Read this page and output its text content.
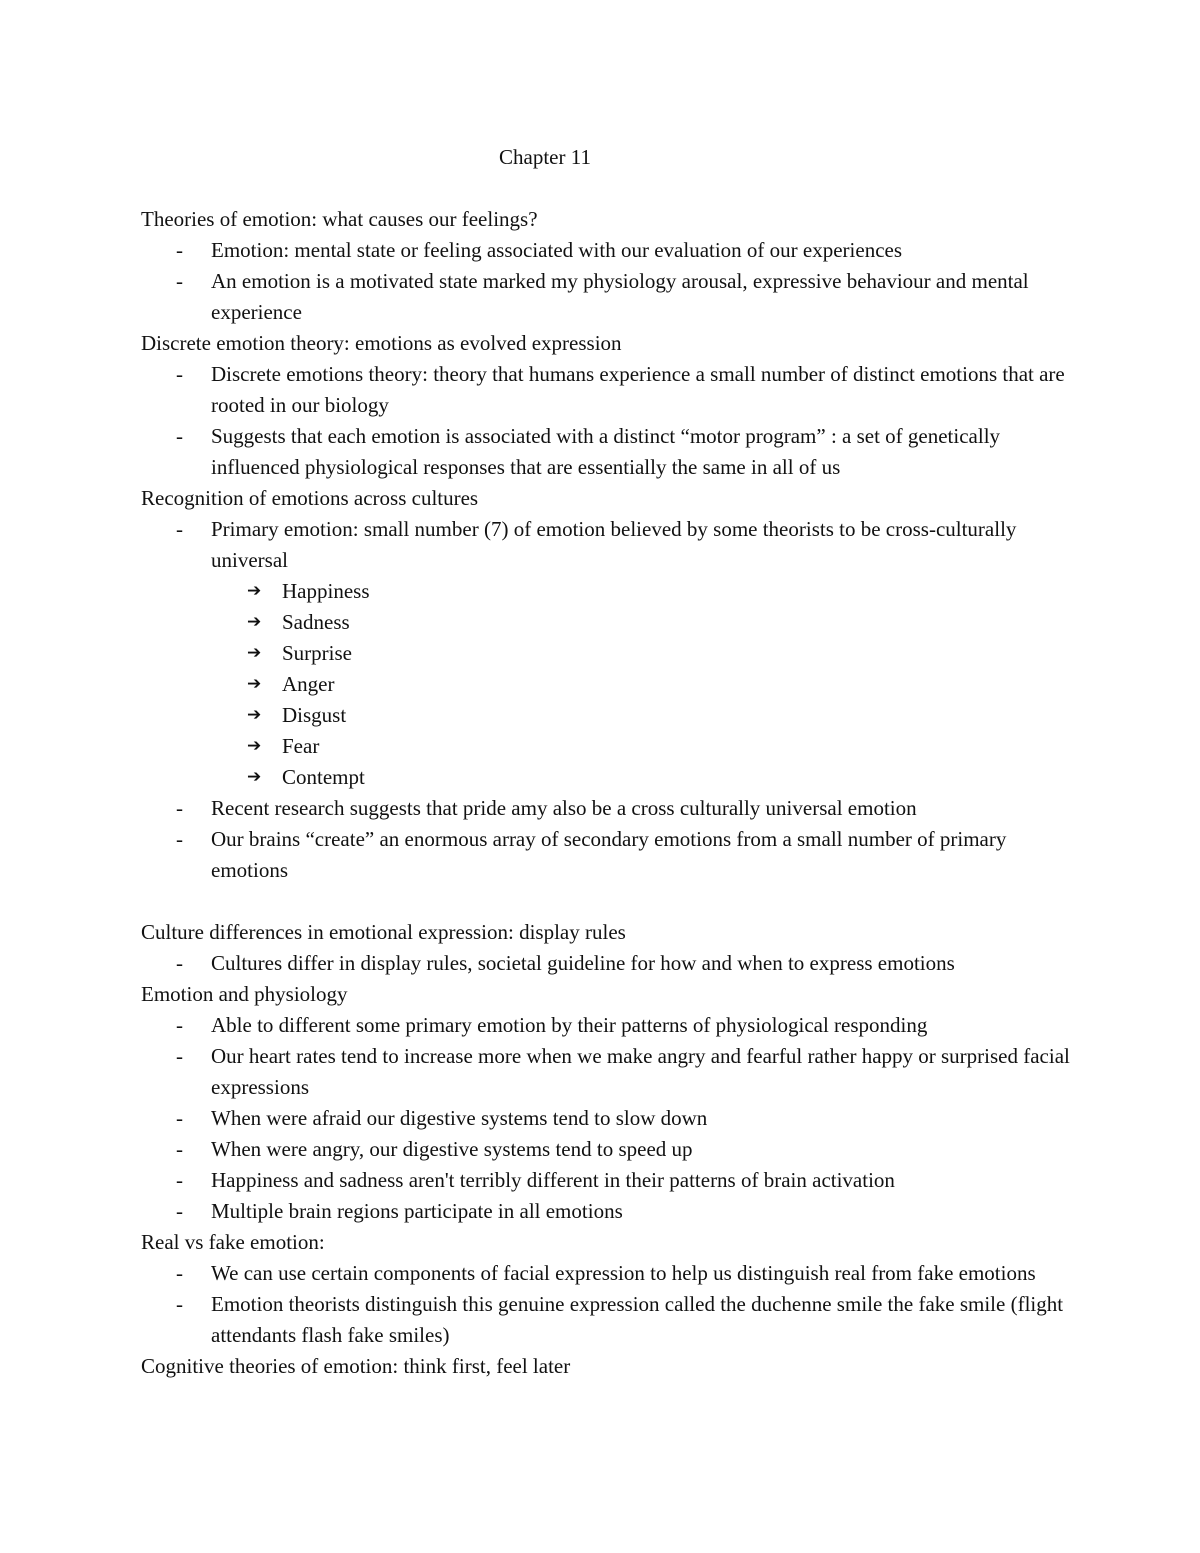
Chapter 11
Theories of emotion: what causes our feelings?
- Emotion: mental state or feeling associated with our evaluation of our experiences
- An emotion is a motivated state marked my physiology arousal, expressive behaviour and mental experience
Discrete emotion theory: emotions as evolved expression
- Discrete emotions theory: theory that humans experience a small number of distinct emotions that are rooted in our biology
- Suggests that each emotion is associated with a distinct “motor program” : a set of genetically influenced physiological responses that are essentially the same in all of us
Recognition of emotions across cultures
- Primary emotion: small number (7) of emotion believed by some theorists to be cross-culturally universal
➔ Happiness
➔ Sadness
➔ Surprise
➔ Anger
➔ Disgust
➔ Fear
➔ Contempt
- Recent research suggests that pride amy also be a cross culturally universal emotion
- Our brains “create” an enormous array of secondary emotions from a small number of primary emotions
Culture differences in emotional expression: display rules
- Cultures differ in display rules, societal guideline for how and when to express emotions
Emotion and physiology
- Able to different some primary emotion by their patterns of physiological responding
- Our heart rates tend to increase more when we make angry and fearful rather happy or surprised facial expressions
- When were afraid our digestive systems tend to slow down
- When were angry, our digestive systems tend to speed up
- Happiness and sadness aren't terribly different in their patterns of brain activation
- Multiple brain regions participate in all emotions
Real vs fake emotion:
- We can use certain components of facial expression to help us distinguish real from fake emotions
- Emotion theorists distinguish this genuine expression called the duchenne smile the fake smile (flight attendants flash fake smiles)
Cognitive theories of emotion: think first, feel later
